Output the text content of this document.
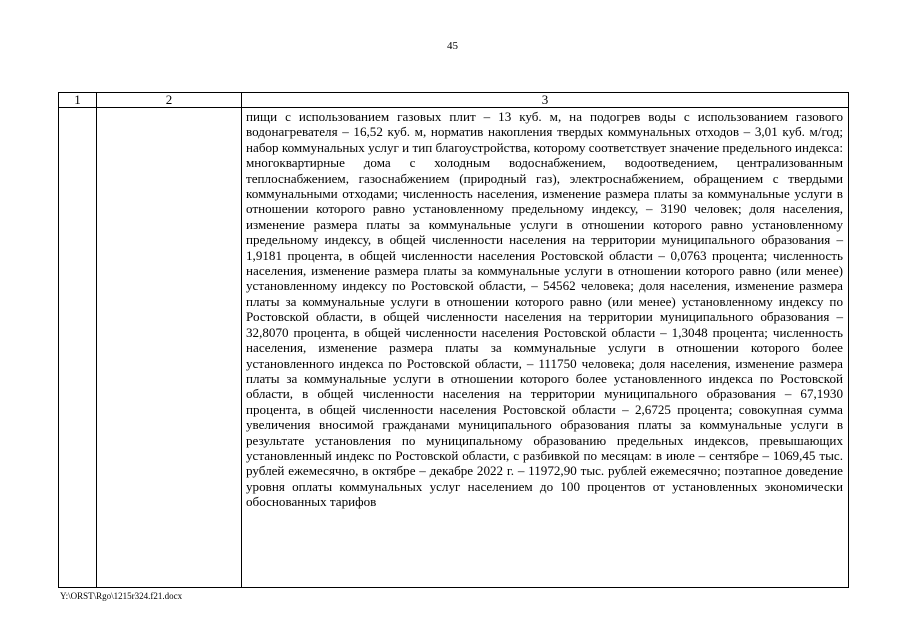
45
1	2	3

		пищи с использованием газовых плит – 13 куб. м, на подогрев воды с использованием газового водонагревателя – 16,52 куб. м, норматив накопления твердых коммунальных отходов – 3,01 куб. м/год; набор коммунальных услуг и тип благоустройства, которому соответствует значение предельного индекса: многоквартирные дома с холодным водоснабжением, водоотведением, централизованным теплоснабжением, газоснабжением (природный газ), электроснабжением, обращением с твердыми коммунальными отходами; численность населения, изменение размера платы за коммунальные услуги в отношении которого равно установленному предельному индексу, – 3190 человек; доля населения, изменение размера платы за коммунальные услуги в отношении которого равно установленному предельному индексу, в общей численности населения на территории муниципального образования – 1,9181 процента, в общей численности населения Ростовской области – 0,0763 процента; численность населения, изменение размера платы за коммунальные услуги в отношении которого равно (или менее) установленному индексу по Ростовской области, – 54562 человека; доля населения, изменение размера платы за коммунальные услуги в отношении которого равно (или менее) установленному индексу по Ростовской области, в общей численности населения на территории муниципального образования – 32,8070 процента, в общей численности населения Ростовской области – 1,3048 процента; численность населения, изменение размера платы за коммунальные услуги в отношении которого более установленного индекса по Ростовской области, – 111750 человека; доля населения, изменение размера платы за коммунальные услуги в отношении которого более установленного индекса по Ростовской области, в общей численности населения на территории муниципального образования – 67,1930 процента, в общей численности населения Ростовской области – 2,6725 процента; совокупная сумма увеличения вносимой гражданами муниципального образования платы за коммунальные услуги в результате установления по муниципальному образованию предельных индексов, превышающих установленный индекс по Ростовской области, с разбивкой по месяцам: в июле – сентябре – 1069,45 тыс. рублей ежемесячно, в октябре – декабре 2022 г. – 11972,90 тыс. рублей ежемесячно; поэтапное доведение уровня оплаты коммунальных услуг населением до 100 процентов от установленных экономически обоснованных тарифов
Y:\ORST\Rgo\1215r324.f21.docx
